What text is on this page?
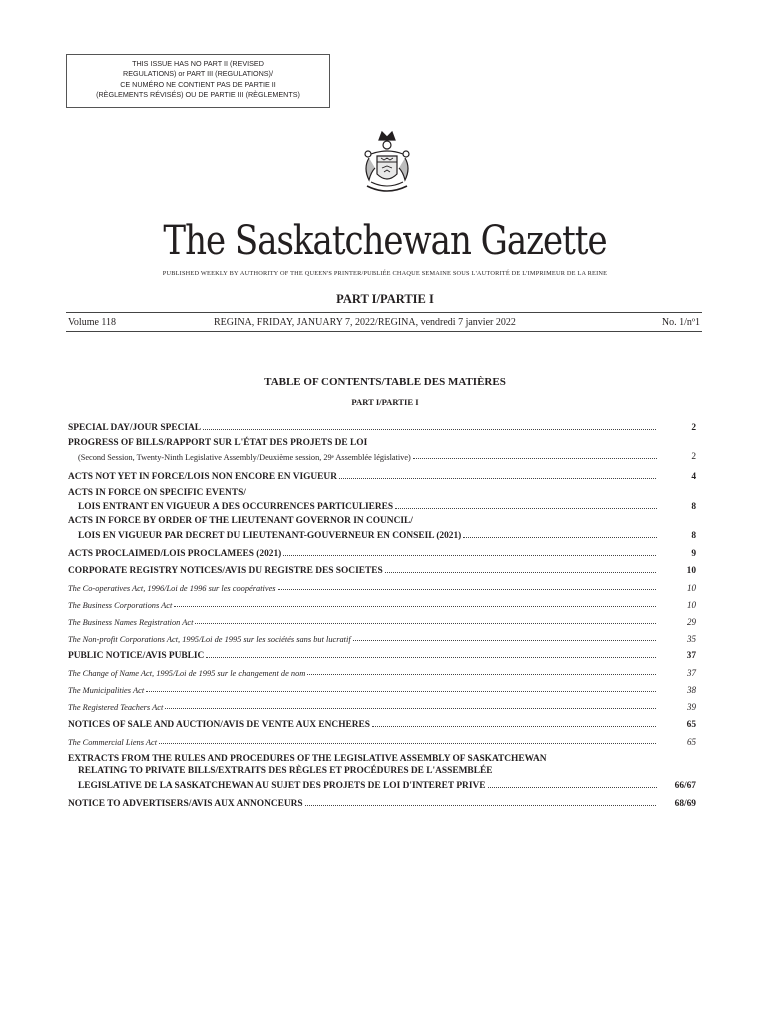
THIS ISSUE HAS NO PART II (REVISED
REGULATIONS) or PART III (REGULATIONS)/
CE NUMÉRO NE CONTIENT PAS DE PARTIE II
(RÈGLEMENTS RÉVISÉS) OU DE PARTIE III (RÈGLEMENTS)
The Saskatchewan Gazette
PUBLISHED WEEKLY BY AUTHORITY OF THE QUEEN'S PRINTER/PUBLIÉE CHAQUE SEMAINE SOUS L'AUTORITÉ DE L'IMPRIMEUR DE LA REINE
PART I/PARTIE I
Volume 118	REGINA, FRIDAY, JANUARY 7, 2022/REGINA, vendredi 7 janvier 2022	No. 1/nº1
TABLE OF CONTENTS/TABLE DES MATIÈRES
PART I/PARTIE I
SPECIAL DAY/JOUR SPÉCIAL	2
PROGRESS OF BILLS/RAPPORT SUR L'ÉTAT DES PROJETS DE LOI
(Second Session, Twenty-Ninth Legislative Assembly/Deuxième session, 29ᵉ Assemblée législative)	2
ACTS NOT YET IN FORCE/LOIS NON ENCORE EN VIGUEUR	4
ACTS IN FORCE ON SPECIFIC EVENTS/
LOIS ENTRANT EN VIGUEUR À DES OCCURRENCES PARTICULIÈRES	8
ACTS IN FORCE BY ORDER OF THE LIEUTENANT GOVERNOR IN COUNCIL/
LOIS EN VIGUEUR PAR DÉCRET DU LIEUTENANT-GOUVERNEUR EN CONSEIL (2021)	8
ACTS PROCLAIMED/LOIS PROCLAMÉES (2021)	9
CORPORATE REGISTRY NOTICES/AVIS DU REGISTRE DES SOCIÉTÉS	10
The Co-operatives Act, 1996/Loi de 1996 sur les coopératives	10
The Business Corporations Act	10
The Business Names Registration Act	29
The Non-profit Corporations Act, 1995/Loi de 1995 sur les sociétés sans but lucratif	35
PUBLIC NOTICE/AVIS PUBLIC	37
The Change of Name Act, 1995/Loi de 1995 sur le changement de nom	37
The Municipalities Act	38
The Registered Teachers Act	39
NOTICES OF SALE AND AUCTION/AVIS DE VENTE AUX ENCHÈRES	65
The Commercial Liens Act	65
EXTRACTS FROM THE RULES AND PROCEDURES OF THE LEGISLATIVE ASSEMBLY OF SASKATCHEWAN
RELATING TO PRIVATE BILLS/EXTRAITS DES RÈGLES ET PROCÉDURES DE L'ASSEMBLÉE
LÉGISLATIVE DE LA SASKATCHEWAN AU SUJET DES PROJETS DE LOI D'INTERÊT PRIVÉ	66/67
NOTICE TO ADVERTISERS/AVIS AUX ANNONCEURS	68/69
